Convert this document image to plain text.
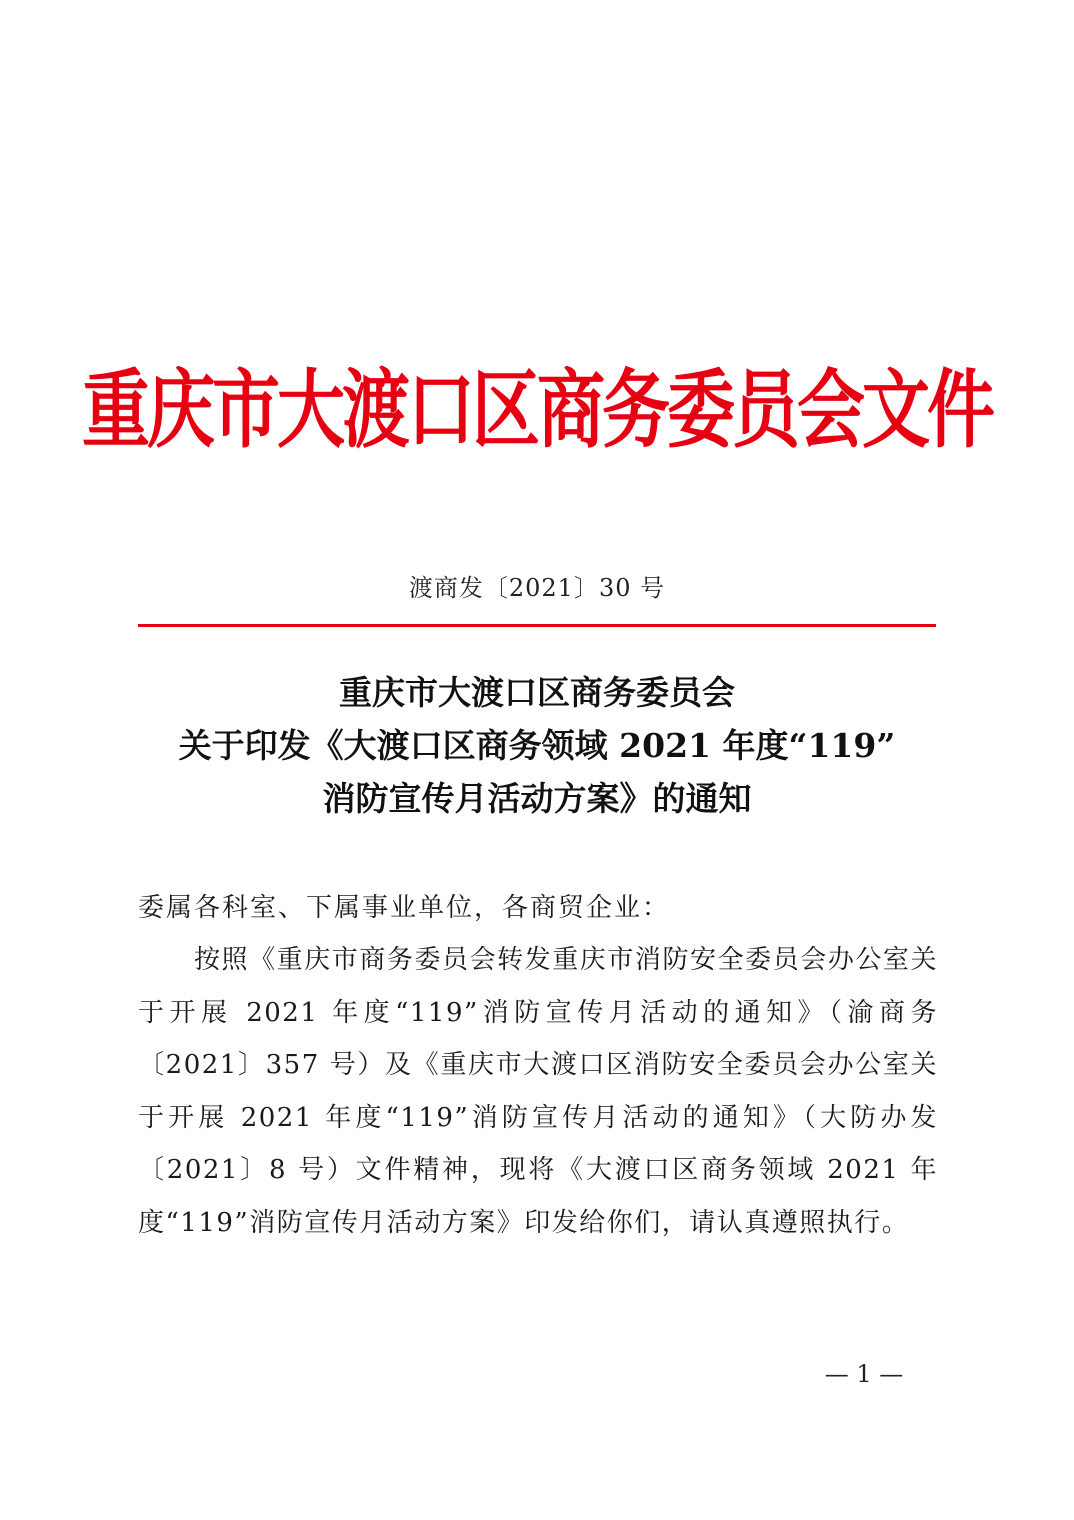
重庆市大渡口区商务委员会文件
渡商发〔2021〕30 号
重庆市大渡口区商务委员会
关于印发《大渡口区商务领域 2021 年度“119”
消防宣传月活动方案》的通知
委属各科室、下属事业单位，各商贸企业：
按照《重庆市商务委员会转发重庆市消防安全委员会办公室关于开展 2021 年度“119”消防宣传月活动的通知》（渝商务〔2021〕357 号）及《重庆市大渡口区消防安全委员会办公室关于开展 2021 年度“119”消防宣传月活动的通知》（大防办发〔2021〕8 号）文件精神，现将《大渡口区商务领域 2021 年度“119”消防宣传月活动方案》印发给你们，请认真遵照执行。
— 1 —
